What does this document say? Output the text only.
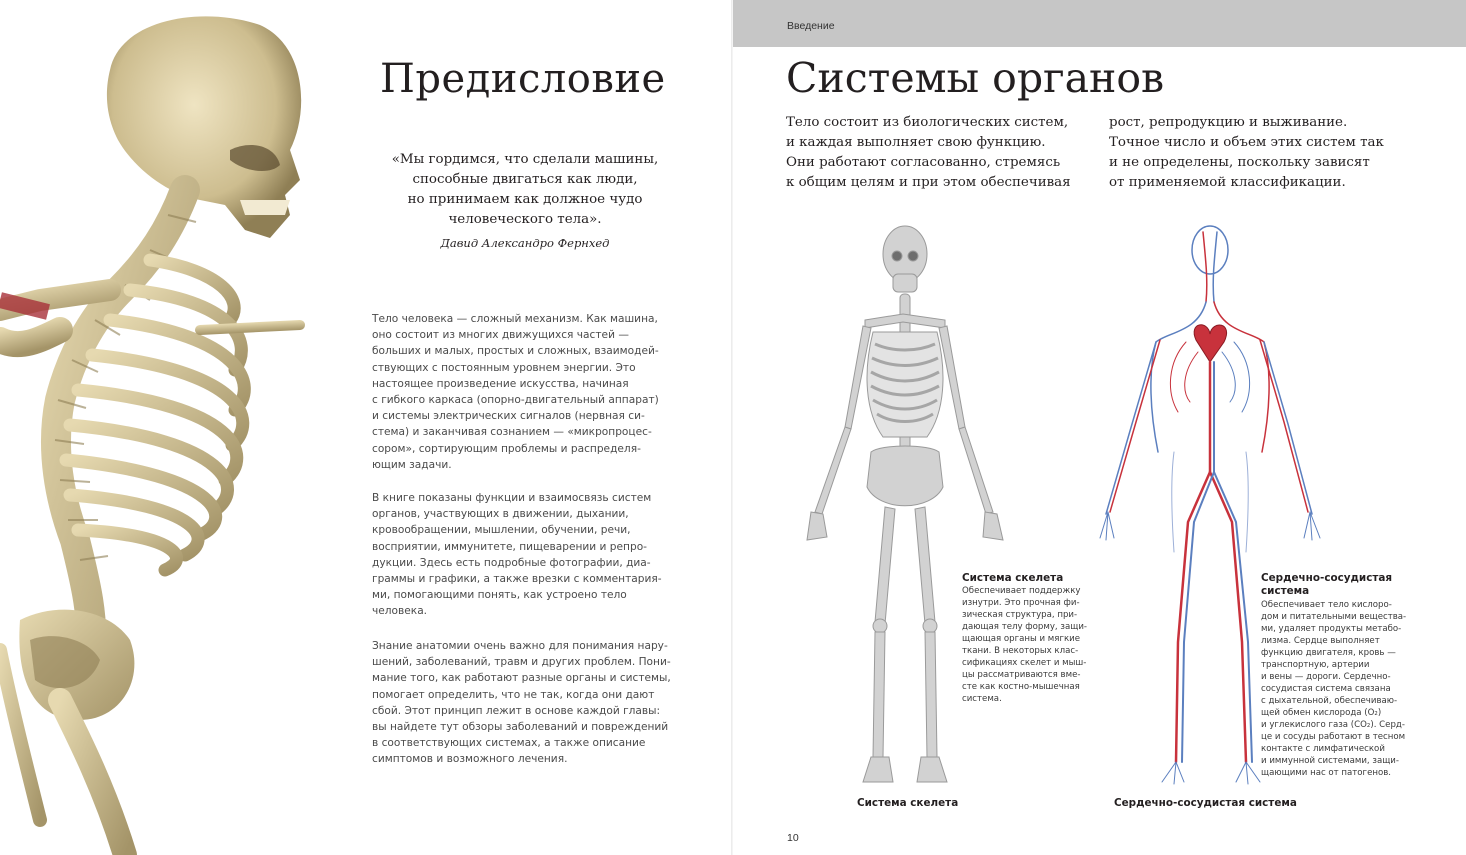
Предисловие
«Мы гордимся, что сделали машины,
способные двигаться как люди,
но принимаем как должное чудо
человеческого тела».
Давид Александро Фернхед
Тело человека — сложный механизм. Как машина,
оно состоит из многих движущихся частей —
больших и малых, простых и сложных, взаимодей-
ствующих с постоянным уровнем энергии. Это
настоящее произведение искусства, начиная
с гибкого каркаса (опорно-двигательный аппарат)
и системы электрических сигналов (нервная си-
стема) и заканчивая сознанием — «микропроцес-
сором», сортирующим проблемы и распределя-
ющим задачи.
В книге показаны функции и взаимосвязь систем
органов, участвующих в движении, дыхании,
кровообращении, мышлении, обучении, речи,
восприятии, иммунитете, пищеварении и репро-
дукции. Здесь есть подробные фотографии, диа-
граммы и графики, а также врезки с комментария-
ми, помогающими понять, как устроено тело
человека.
Знание анатомии очень важно для понимания нару-
шений, заболеваний, травм и других проблем. Пони-
мание того, как работают разные органы и системы,
помогает определить, что не так, когда они дают
сбой. Этот принцип лежит в основе каждой главы:
вы найдете тут обзоры заболеваний и повреждений
в соответствующих системах, а также описание
симптомов и возможного лечения.
Введение
Системы органов
Тело состоит из биологических систем,
и каждая выполняет свою функцию.
Они работают согласованно, стремясь
к общим целям и при этом обеспечивая
рост, репродукцию и выживание.
Точное число и объем этих систем так
и не определены, поскольку зависят
от применяемой классификации.
Система скелета
Обеспечивает поддержку
изнутри. Это прочная фи-
зическая структура, при-
дающая телу форму, защи-
щающая органы и мягкие
ткани. В некоторых клас-
сификациях скелет и мыш-
цы рассматриваются вме-
сте как костно-мышечная
система.
Сердечно-сосудистая
система
Обеспечивает тело кислоро-
дом и питательными вещества-
ми, удаляет продукты метабо-
лизма. Сердце выполняет
функцию двигателя, кровь —
транспортную, артерии
и вены — дороги. Сердечно-
сосудистая система связана
с дыхательной, обеспечиваю-
щей обмен кислорода (O₂)
и углекислого газа (CO₂). Серд-
це и сосуды работают в тесном
контакте с лимфатической
и иммунной системами, защи-
щающими нас от патогенов.
Система скелета	Сердечно-сосудистая система
10
